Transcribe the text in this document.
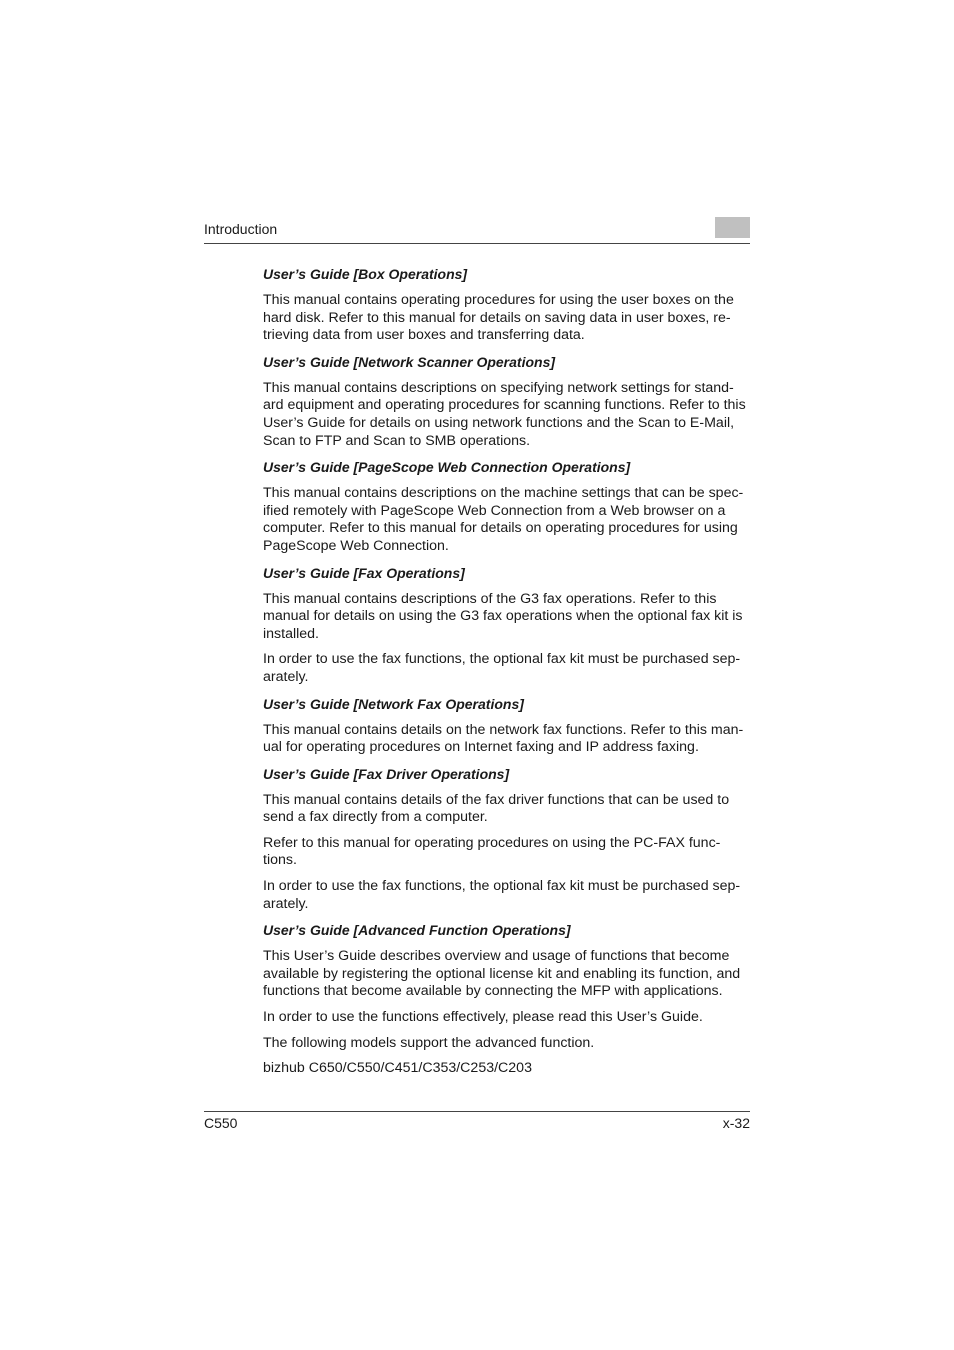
Introduction
User’s Guide [Box Operations]
This manual contains operating procedures for using the user boxes on the hard disk. Refer to this manual for details on saving data in user boxes, re-trieving data from user boxes and transferring data.
User’s Guide [Network Scanner Operations]
This manual contains descriptions on specifying network settings for stand-ard equipment and operating procedures for scanning functions. Refer to this User’s Guide for details on using network functions and the Scan to E-Mail, Scan to FTP and Scan to SMB operations.
User’s Guide [PageScope Web Connection Operations]
This manual contains descriptions on the machine settings that can be spec-ified remotely with PageScope Web Connection from a Web browser on a computer. Refer to this manual for details on operating procedures for using PageScope Web Connection.
User’s Guide [Fax Operations]
This manual contains descriptions of the G3 fax operations. Refer to this manual for details on using the G3 fax operations when the optional fax kit is installed.
In order to use the fax functions, the optional fax kit must be purchased sep-arately.
User’s Guide [Network Fax Operations]
This manual contains details on the network fax functions. Refer to this man-ual for operating procedures on Internet faxing and IP address faxing.
User’s Guide [Fax Driver Operations]
This manual contains details of the fax driver functions that can be used to send a fax directly from a computer.
Refer to this manual for operating procedures on using the PC-FAX func-tions.
In order to use the fax functions, the optional fax kit must be purchased sep-arately.
User’s Guide [Advanced Function Operations]
This User’s Guide describes overview and usage of functions that become available by registering the optional license kit and enabling its function, and functions that become available by connecting the MFP with applications.
In order to use the functions effectively, please read this User’s Guide.
The following models support the advanced function.
bizhub C650/C550/C451/C353/C253/C203
C550	x-32
